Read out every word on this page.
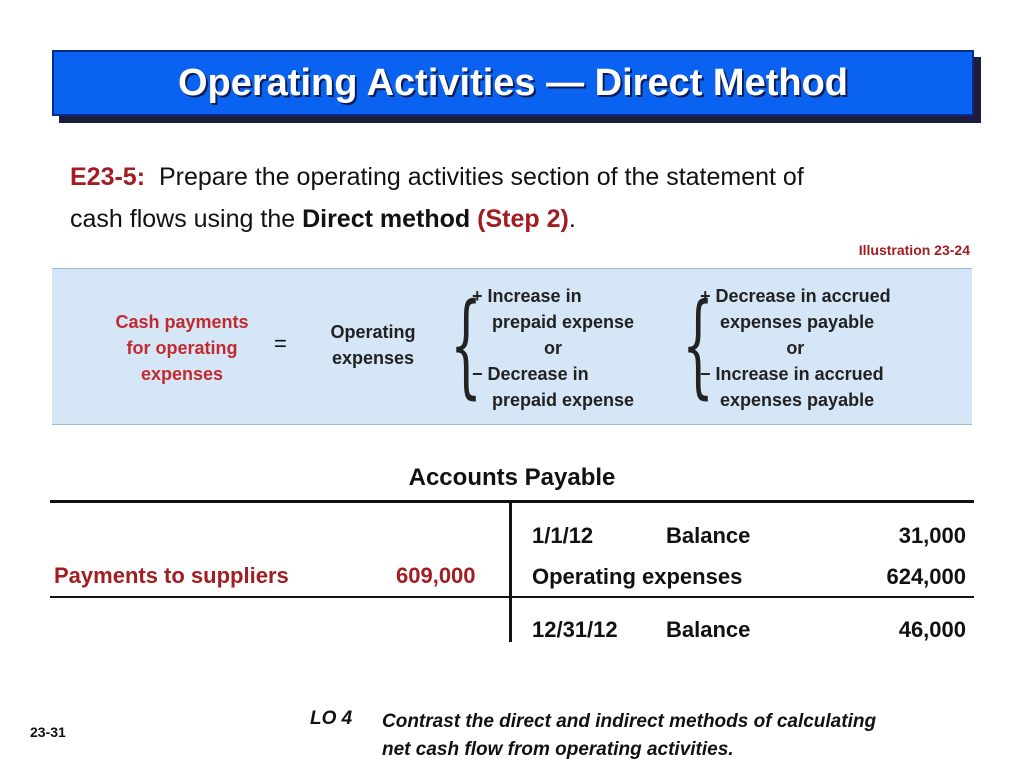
Operating Activities — Direct Method
E23-5: Prepare the operating activities section of the statement of
cash flows using the Direct method (Step 2).
Illustration 23-24
Cash payments
for operating
expenses
=	Operating
expenses {
+ Increase in
prepaid expense
or
− Decrease in
prepaid expense {
+ Decrease in accrued
expenses payable
or
− Increase in accrued
expenses payable
Accounts Payable
Payments to suppliers	609,000
1/1/12	Balance	31,000
Operating expenses	624,000
12/31/12 Balance	46,000
23-31
LO 4 Contrast the direct and indirect methods of calculating
net cash flow from operating activities.
